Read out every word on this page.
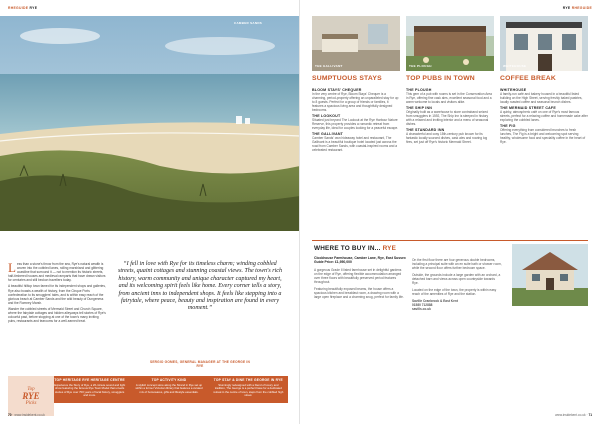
RHEGUIDE RYE
CAMBER SANDS
L ess than a stone's throw from the sea, Rye's natural wealth is woven into the cobbled lanes, rolling marshland and glittering coastline that surround it — not to mention its historic streets, half-timbered houses and medieval ramparts that have drawn visitors for centuries and still beckon travellers today.

A beautiful hilltop town famed for its independent shops and galleries, Rye also boasts a wealth of history, from the Cinque Ports confederation to its smugglers' tales, and is within easy reach of the glorious beach at Camber Sands and the wild beauty of Dungeness and the Romney Marsh.

Wander the cobbled streets of Mermaid Street and Church Square, where the fairytale cottages and hidden alleyways tell stories of Rye's colourful past, before stopping at one of the town's many inviting pubs, restaurants and tearooms for a well-earned treat.

“I fell in love with Rye for its timeless charm; winding cobbled streets, quaint cottages and stunning coastal views. The town's rich history, warm community and unique character captured my heart, and its welcoming spirit feels like home. Every corner tells a story, from ancient inns to independent shops. It feels like stepping into a fairytale, where peace, beauty and inspiration are found in every moment.”
SERGIO GOMES, GENERAL MANAGER AT THE GEORGE IN RYE
TOP HERITAGE RYE HERITAGE CENTRE

Experience the Story of Rye, a 20-minute sound and light show featuring the famous Rye Town Model that unveils stories of Rye over 700 years of local history, smugglers and more.

TOP ACTIVITY KIND

A stylish concept store along the Strand in Rye set up within a former Victorian library that features a curated mix of homewares, gifts and lifestyle essentials.

TOP STAY & DINE THE GEORGE IN RYE

Stunningly redesigned with a blend of luxury and tradition, The George is a perfect base for a dedicated retreat in the centre of town, steps from the cobbled high street.

Top
RYE
Picks
70 · www.insidekent.co.uk
RYE RHEGUIDE
THE GALLIVANT	THE PLOUGH	WHITEHOUSE
SUMPTUOUS STAYS	TOP PUBS IN TOWN	COFFEE BREAK
BLOOM STAYS' CHEQUER

In the very centre of Rye, Bloom Stays' Chequer is a charming, period-property offering an unparalleled stay for up to 8 guests. Perfect for a group of friends or families, it features a spacious living area and thoughtfully designed bedrooms.

THE LOOKOUT

Situated just beyond The Lookout at the Rye Harbour Nature Reserve, this property provides a romantic retreat from everyday life, ideal for couples looking for a peaceful escape.

THE GALLIVANT

Camber Sands' own hideaway hotel and restaurant, The Gallivant is a beautiful boutique hotel located just across the road from Camber Sands, with coastal-inspired rooms and a celebrated restaurant.

THE PLOUGH

This gem of a pub with rooms is set in the Conservation Area in Rye, offering fine cask ales, excellent seasonal food and a warm welcome to locals and visitors alike.

THE SHIP INN

Originally built as a warehouse to store contraband seized from smugglers in 1592, The Ship Inn is steeped in history with a relaxed and inviting interior and a menu of seasonal dishes.

THE STANDARD INN

A characterful and cosy 15th-century pub known for its fantastic locally sourced dishes, cask ales and roaring log fires, set just off Rye's historic Mermaid Street.

WHITEHOUSE

A family-run café and bakery housed in a beautiful listed building on the High Street, serving freshly baked pastries, locally roasted coffee and seasonal brunch dishes.

THE MERMAID STREET CAFE

A quirky, atmospheric café on one of Rye's most famous streets, perfect for a relaxing coffee and homemade cake after exploring the cobbled lanes.

THE FIG

Offering everything from considered brunches to fresh lunches, The Fig is a bright and welcoming spot serving healthy, wholesome food and speciality coffee in the heart of Rye.

WHERE TO BUY IN... RYE
Clockhouse Farmhouse, Camber Lane, Rye, East Sussex
Guide Price: £1,950,000

A gorgeous Grade II listed farmhouse set in delightful gardens on the edge of Rye, offering flexible accommodation arranged over three floors with beautifully preserved period features throughout.

Featuring beautifully exposed beams, the house offers a spacious kitchen and breakfast room, a drawing room with a large open fireplace and a charming snug, perfect for family life.

On the first floor there are four generous double bedrooms, including a principal suite with an en suite bath or shower room, while the second floor offers further bedroom space.

Outside, the grounds include a large garden with an orchard, a detached barn and views across open countryside towards Rye.

Located on the edge of the town, the property is within easy reach of the amenities of Rye and the station.

Saville Cranbrook & East Kent
01580 712888
savills.co.uk

www.insidekent.co.uk · 71
